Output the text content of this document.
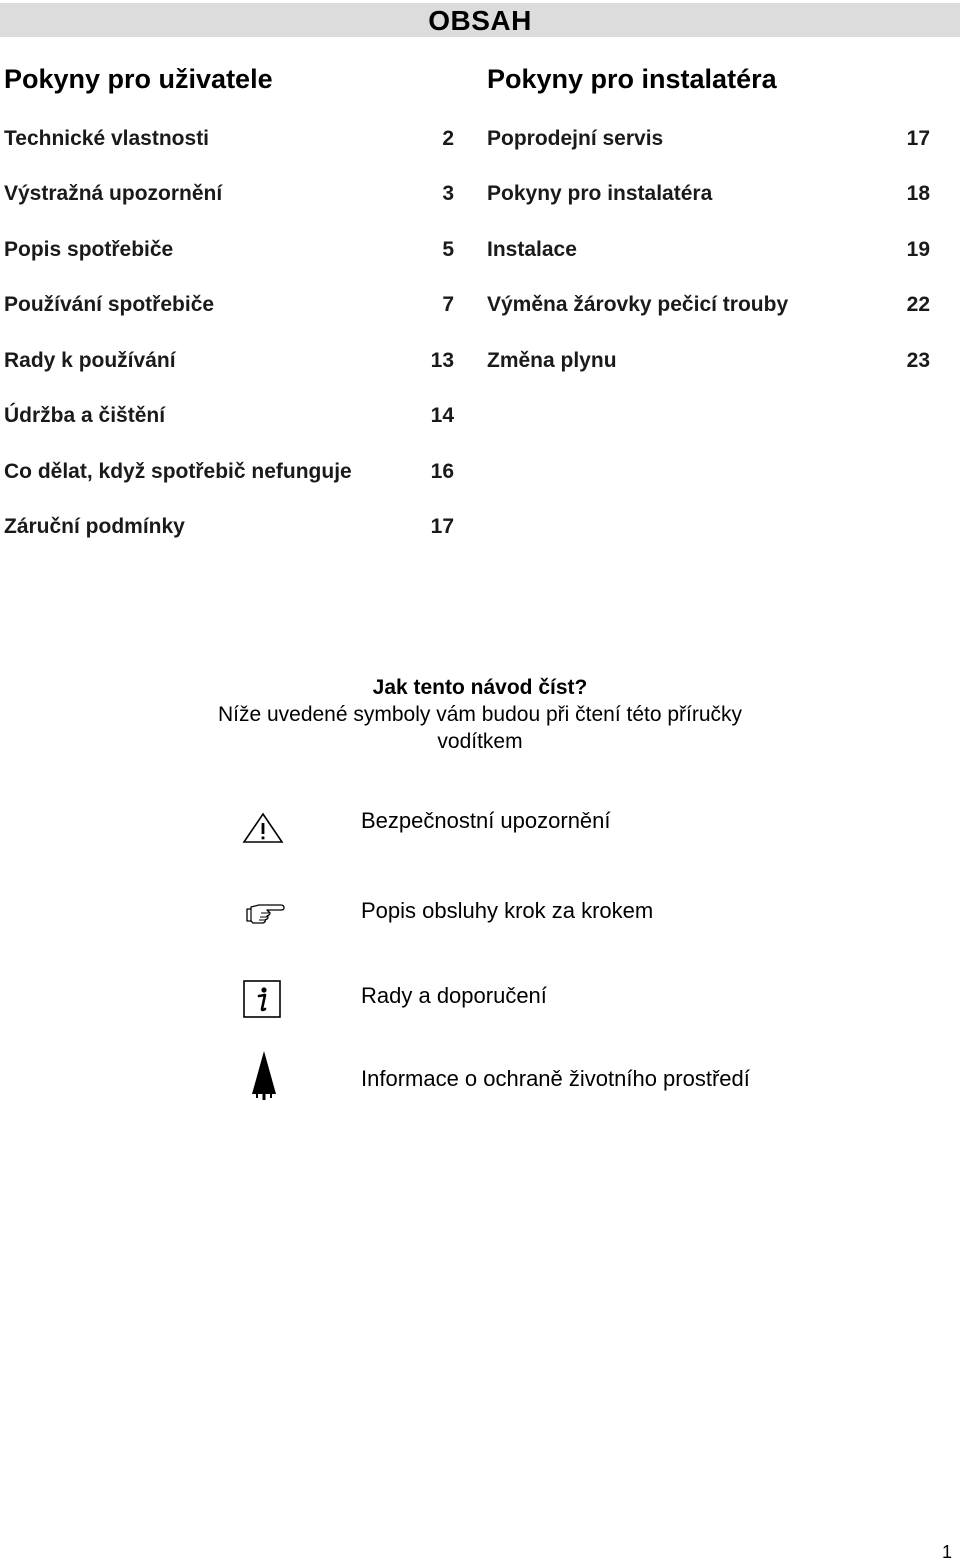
OBSAH
Pokyny pro uživatele
Technické vlastnosti	2
Výstražná upozornění	3
Popis spotřebiče	5
Používání spotřebiče	7
Rady k používání	13
Údržba a čištění	14
Co dělat, když spotřebič nefunguje	16
Záruční podmínky	17
Pokyny pro instalatéra
Poprodejní servis	17
Pokyny pro instalatéra	18
Instalace	19
Výměna žárovky pečicí trouby	22
Změna plynu	23
Jak tento návod číst?
Níže uvedené symboly vám budou při čtení této příručky
vodítkem
Bezpečnostní upozornění
Popis obsluhy krok za krokem
Rady a doporučení
Informace o ochraně životního prostředí
1
